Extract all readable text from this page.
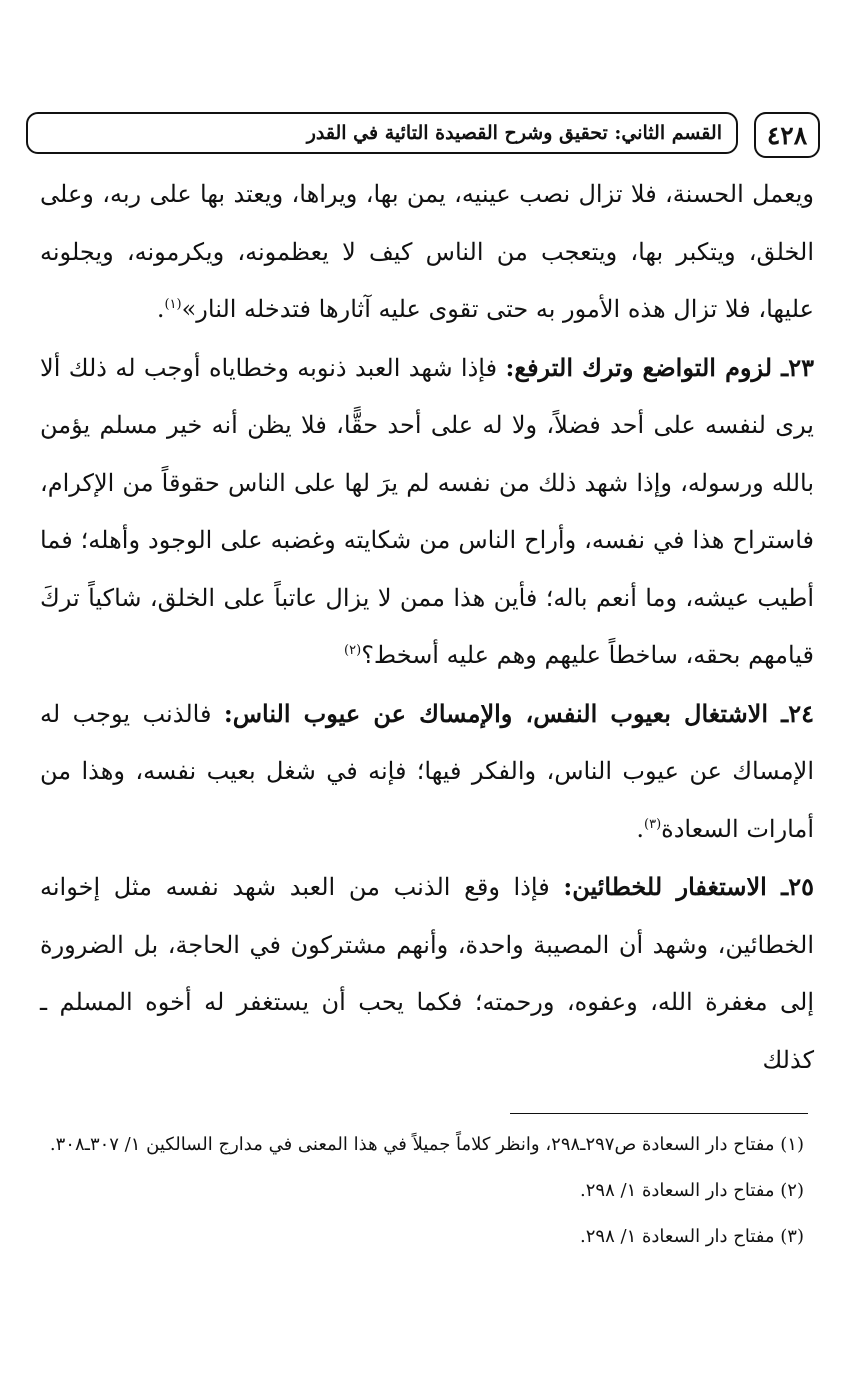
٤٢٨
القسم الثاني: تحقيق وشرح القصيدة التائية في القدر

ويعمل الحسنة، فلا تزال نصب عينيه، يمن بها، ويراها، ويعتد بها على ربه، وعلى الخلق، ويتكبر بها، ويتعجب من الناس كيف لا يعظمونه، ويكرمونه، ويجلونه عليها، فلا تزال هذه الأمور به حتى تقوى عليه آثارها فتدخله النار»$^{(١)}$.

٢٣ـ لزوم التواضع وترك الترفع: فإذا شهد العبد ذنوبه وخطاياه أوجب له ذلك ألا يرى لنفسه على أحد فضلاً، ولا له على أحد حقًّا، فلا يظن أنه خير مسلم يؤمن بالله ورسوله، وإذا شهد ذلك من نفسه لم يرَ لها على الناس حقوقاً من الإكرام، فاستراح هذا في نفسه، وأراح الناس من شكايته وغضبه على الوجود وأهله؛ فما أطيب عيشه، وما أنعم باله؛ فأين هذا ممن لا يزال عاتباً على الخلق، شاكياً تركَ قيامهم بحقه، ساخطاً عليهم وهم عليه أسخط؟$^{(٢)}$

٢٤ـ الاشتغال بعيوب النفس، والإمساك عن عيوب الناس: فالذنب يوجب له الإمساك عن عيوب الناس، والفكر فيها؛ فإنه في شغل بعيب نفسه، وهذا من أمارات السعادة$^{(٣)}$.

٢٥ـ الاستغفار للخطائين: فإذا وقع الذنب من العبد شهد نفسه مثل إخوانه الخطائين، وشهد أن المصيبة واحدة، وأنهم مشتركون في الحاجة، بل الضرورة إلى مغفرة الله، وعفوه، ورحمته؛ فكما يحب أن يستغفر له أخوه المسلم ـ كذلك

(١) مفتاح دار السعادة ص٢٩٧ـ٢٩٨، وانظر كلاماً جميلاً في هذا المعنى في مدارج السالكين ١/ ٣٠٧ـ٣٠٨.

(٢) مفتاح دار السعادة ١/ ٢٩٨.

(٣) مفتاح دار السعادة ١/ ٢٩٨.
